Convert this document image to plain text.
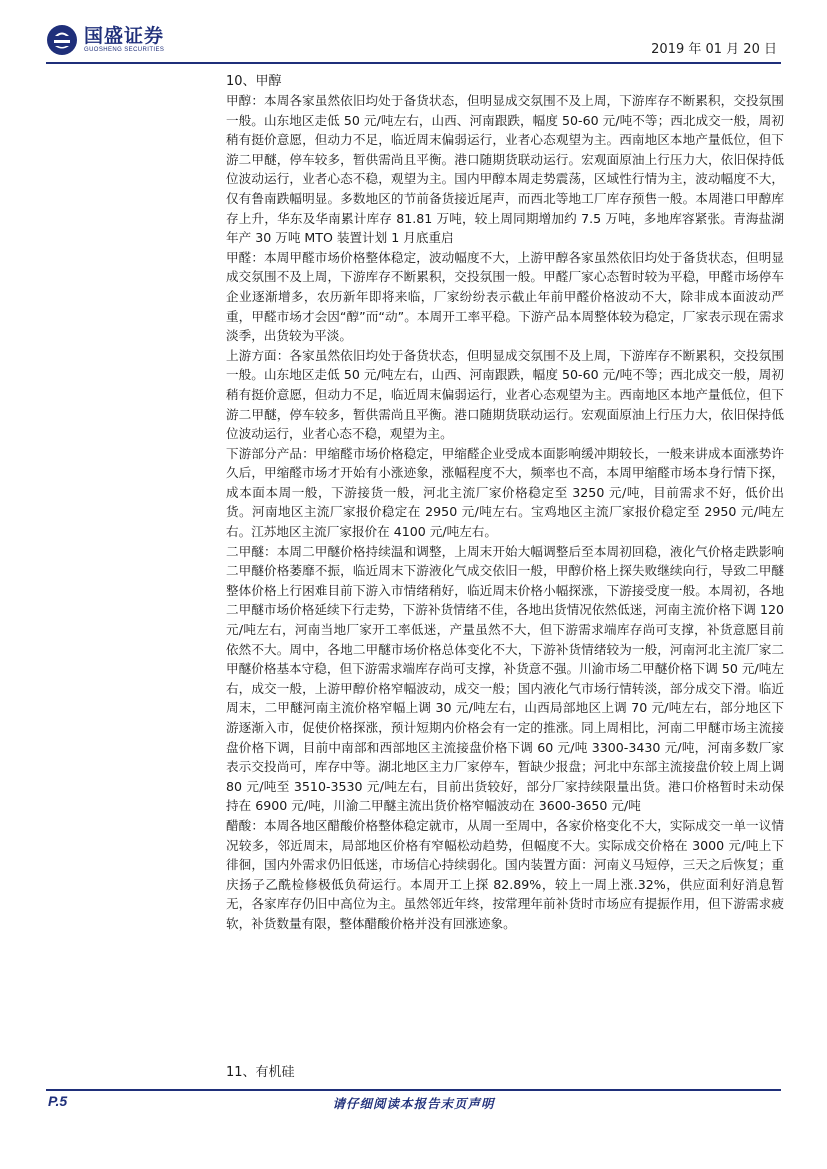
国盛证券
GUOSHENG SECURITIES	2019 年 01 月 20 日

10、甲醇

甲醇：本周各家虽然依旧均处于备货状态，但明显成交氛围不及上周，下游库存不断累积，交投氛围一般。山东地区走低 50 元/吨左右，山西、河南跟跌，幅度 50-60 元/吨不等；西北成交一般，周初稍有挺价意愿，但动力不足，临近周末偏弱运行，业者心态观望为主。西南地区本地产量低位，但下游二甲醚，停车较多，暂供需尚且平衡。港口随期货联动运行。宏观面原油上行压力大，依旧保持低位波动运行，业者心态不稳，观望为主。国内甲醇本周走势震荡，区域性行情为主，波动幅度不大，仅有鲁南跌幅明显。多数地区的节前备货接近尾声，而西北等地工厂库存预售一般。本周港口甲醇库存上升，华东及华南累计库存 81.81 万吨，较上周同期增加约 7.5 万吨，多地库容紧张。青海盐湖年产 30 万吨 MTO 装置计划 1 月底重启

甲醛：本周甲醛市场价格整体稳定，波动幅度不大，上游甲醇各家虽然依旧均处于备货状态，但明显成交氛围不及上周，下游库存不断累积，交投氛围一般。甲醛厂家心态暂时较为平稳，甲醛市场停车企业逐渐增多，农历新年即将来临，厂家纷纷表示截止年前甲醛价格波动不大，除非成本面波动严重，甲醛市场才会因“醇”而“动”。本周开工率平稳。下游产品本周整体较为稳定，厂家表示现在需求淡季，出货较为平淡。

上游方面：各家虽然依旧均处于备货状态，但明显成交氛围不及上周，下游库存不断累积，交投氛围一般。山东地区走低 50 元/吨左右，山西、河南跟跌，幅度 50-60 元/吨不等；西北成交一般，周初稍有挺价意愿，但动力不足，临近周末偏弱运行，业者心态观望为主。西南地区本地产量低位，但下游二甲醚，停车较多，暂供需尚且平衡。港口随期货联动运行。宏观面原油上行压力大，依旧保持低位波动运行，业者心态不稳，观望为主。

下游部分产品：甲缩醛市场价格稳定，甲缩醛企业受成本面影响缓冲期较长，一般来讲成本面涨势许久后，甲缩醛市场才开始有小涨迹象，涨幅程度不大，频率也不高，本周甲缩醛市场本身行情下探，成本面本周一般，下游接货一般，河北主流厂家价格稳定至 3250 元/吨，目前需求不好，低价出货。河南地区主流厂家报价稳定在 2950 元/吨左右。宝鸡地区主流厂家报价稳定至 2950 元/吨左右。江苏地区主流厂家报价在 4100 元/吨左右。

二甲醚：本周二甲醚价格持续温和调整，上周末开始大幅调整后至本周初回稳，液化气价格走跌影响二甲醚价格萎靡不振，临近周末下游液化气成交依旧一般，甲醇价格上探失败继续向行，导致二甲醚整体价格上行困难目前下游入市情绪稍好，临近周末价格小幅探涨，下游接受度一般。本周初，各地二甲醚市场价格延续下行走势，下游补货情绪不佳，各地出货情况依然低迷，河南主流价格下调 120 元/吨左右，河南当地厂家开工率低迷，产量虽然不大，但下游需求端库存尚可支撑，补货意愿目前依然不大。周中，各地二甲醚市场价格总体变化不大，下游补货情绪较为一般，河南河北主流厂家二甲醚价格基本守稳，但下游需求端库存尚可支撑，补货意不强。川渝市场二甲醚价格下调 50 元/吨左右，成交一般，上游甲醇价格窄幅波动，成交一般；国内液化气市场行情转淡，部分成交下滑。临近周末，二甲醚河南主流价格窄幅上调 30 元/吨左右，山西局部地区上调 70 元/吨左右，部分地区下游逐渐入市，促使价格探涨，预计短期内价格会有一定的推涨。同上周相比，河南二甲醚市场主流接盘价格下调，目前中南部和西部地区主流接盘价格下调 60 元/吨 3300-3430 元/吨，河南多数厂家表示交投尚可，库存中等。湖北地区主力厂家停车，暂缺少报盘；河北中东部主流接盘价较上周上调 80 元/吨至 3510-3530 元/吨左右，目前出货较好，部分厂家持续限量出货。港口价格暂时未动保持在 6900 元/吨，川渝二甲醚主流出货价格窄幅波动在 3600-3650 元/吨

醋酸：本周各地区醋酸价格整体稳定就市，从周一至周中，各家价格变化不大，实际成交一单一议情况较多，邻近周末，局部地区价格有窄幅松动趋势，但幅度不大。实际成交价格在 3000 元/吨上下徘徊，国内外需求仍旧低迷，市场信心持续弱化。国内装置方面：河南义马短停，三天之后恢复；重庆扬子乙酰检修极低负荷运行。本周开工上探 82.89%，较上一周上涨.32%，供应面利好消息暂无，各家库存仍旧中高位为主。虽然邻近年终，按常理年前补货时市场应有提振作用，但下游需求疲软，补货数量有限，整体醋酸价格并没有回涨迹象。

11、有机硅

P.5	请仔细阅读本报告末页声明
